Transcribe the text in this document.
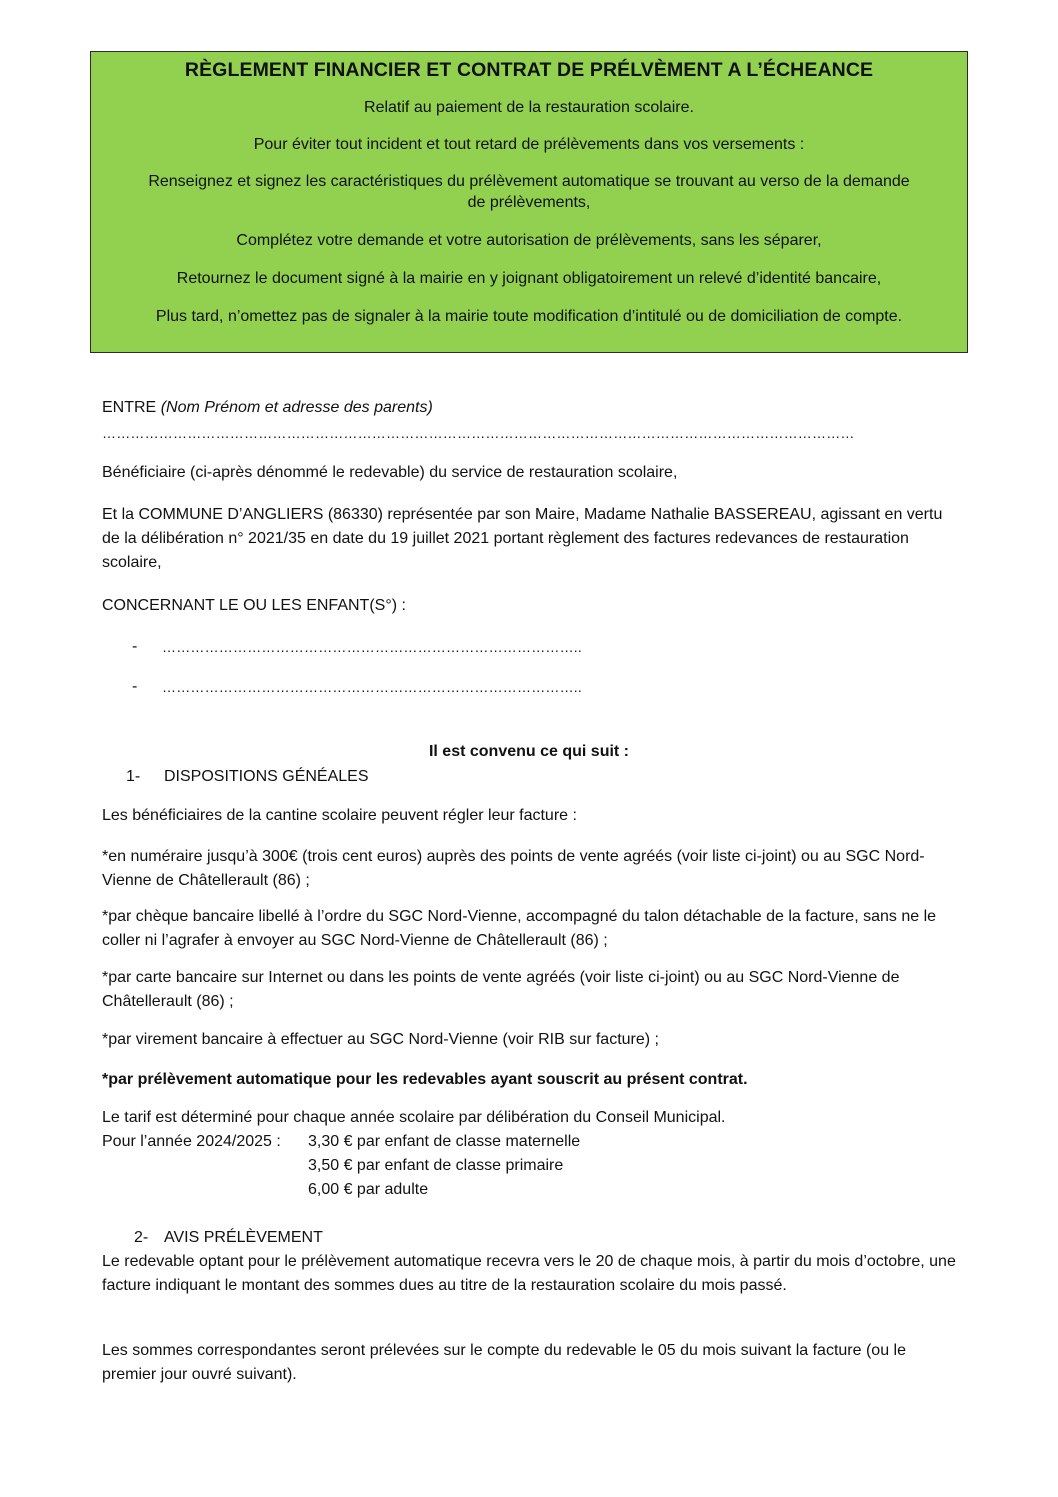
RÈGLEMENT FINANCIER ET CONTRAT DE PRÉLVÈMENT A L’ÉCHEANCE

Relatif au paiement de la restauration scolaire.

Pour éviter tout incident et tout retard de prélèvements dans vos versements :

Renseignez et signez les caractéristiques du prélèvement automatique se trouvant au verso de la demande

de prélèvements,

Complétez votre demande et votre autorisation de prélèvements, sans les séparer,

Retournez le document signé à la mairie en y joignant obligatoirement un relevé d’identité bancaire,

Plus tard, n’omettez pas de signaler à la mairie toute modification d’intitulé ou de domiciliation de compte.

ENTRE (Nom Prénom et adresse des parents)
……………………………………………………………………………………………………………………………………………
Bénéficiaire (ci-après dénommé le redevable) du service de restauration scolaire,
Et la COMMUNE D’ANGLIERS (86330) représentée par son Maire, Madame Nathalie BASSEREAU, agissant en vertu de la délibération n° 2021/35 en date du 19 juillet 2021 portant règlement des factures redevances de restauration scolaire,
CONCERNANT LE OU LES ENFANT(S°) :
- ……………………………………………………………………………..
- ……………………………………………………………………………..
Il est convenu ce qui suit :
1- DISPOSITIONS GÉNÉALES
Les bénéficiaires de la cantine scolaire peuvent régler leur facture :
*en numéraire jusqu’à 300€ (trois cent euros) auprès des points de vente agréés (voir liste ci-joint) ou au SGC Nord-Vienne de Châtellerault (86) ;
*par chèque bancaire libellé à l’ordre du SGC Nord-Vienne, accompagné du talon détachable de la facture, sans ne le coller ni l’agrafer à envoyer au SGC Nord-Vienne de Châtellerault (86) ;
*par carte bancaire sur Internet ou dans les points de vente agréés (voir liste ci-joint) ou au SGC Nord-Vienne de Châtellerault (86) ;
*par virement bancaire à effectuer au SGC Nord-Vienne (voir RIB sur facture) ;
*par prélèvement automatique pour les redevables ayant souscrit au présent contrat.
Le tarif est déterminé pour chaque année scolaire par délibération du Conseil Municipal.
Pour l’année 2024/2025 : 3,30 € par enfant de classe maternelle
3,50 € par enfant de classe primaire
6,00 € par adulte
2- AVIS PRÉLÈVEMENT
Le redevable optant pour le prélèvement automatique recevra vers le 20 de chaque mois, à partir du mois d’octobre, une facture indiquant le montant des sommes dues au titre de la restauration scolaire du mois passé.
Les sommes correspondantes seront prélevées sur le compte du redevable le 05 du mois suivant la facture (ou le premier jour ouvré suivant).
